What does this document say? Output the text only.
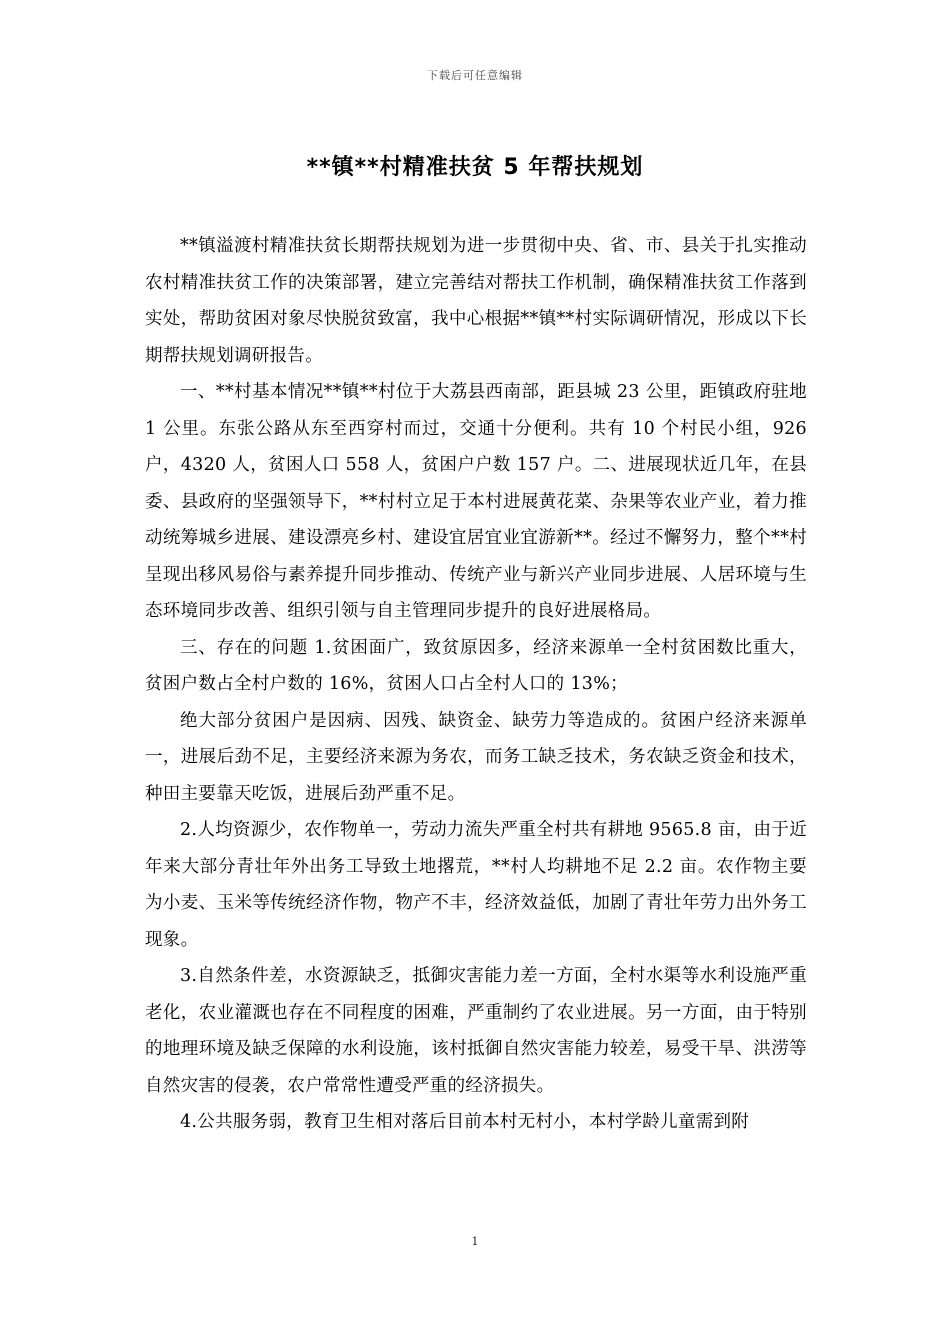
下载后可任意编辑
**镇**村精准扶贫 5 年帮扶规划

**镇溢渡村精准扶贫长期帮扶规划为进一步贯彻中央、省、市、县关于扎实推动农村精准扶贫工作的决策部署，建立完善结对帮扶工作机制，确保精准扶贫工作落到实处，帮助贫困对象尽快脱贫致富，我中心根据**镇**村实际调研情况，形成以下长期帮扶规划调研报告。

一、**村基本情况**镇**村位于大荔县西南部，距县城 23 公里，距镇政府驻地 1 公里。东张公路从东至西穿村而过，交通十分便利。共有 10 个村民小组，926 户，4320 人，贫困人口 558 人，贫困户户数 157 户。二、进展现状近几年，在县委、县政府的坚强领导下，**村村立足于本村进展黄花菜、杂果等农业产业，着力推动统筹城乡进展、建设漂亮乡村、建设宜居宜业宜游新**。经过不懈努力，整个**村呈现出移风易俗与素养提升同步推动、传统产业与新兴产业同步进展、人居环境与生态环境同步改善、组织引领与自主管理同步提升的良好进展格局。

三、存在的问题 1.贫困面广，致贫原因多，经济来源单一全村贫困数比重大，贫困户数占全村户数的 16%，贫困人口占全村人口的 13%；

绝大部分贫困户是因病、因残、缺资金、缺劳力等造成的。贫困户经济来源单一，进展后劲不足，主要经济来源为务农，而务工缺乏技术，务农缺乏资金和技术，种田主要靠天吃饭，进展后劲严重不足。

2.人均资源少，农作物单一，劳动力流失严重全村共有耕地 9565.8 亩，由于近年来大部分青壮年外出务工导致土地撂荒，**村人均耕地不足 2.2 亩。农作物主要为小麦、玉米等传统经济作物，物产不丰，经济效益低，加剧了青壮年劳力出外务工现象。

3.自然条件差，水资源缺乏，抵御灾害能力差一方面，全村水渠等水利设施严重老化，农业灌溉也存在不同程度的困难，严重制约了农业进展。另一方面，由于特别的地理环境及缺乏保障的水利设施，该村抵御自然灾害能力较差，易受干旱、洪涝等自然灾害的侵袭，农户常常性遭受严重的经济损失。

4.公共服务弱，教育卫生相对落后目前本村无村小，本村学龄儿童需到附

1
